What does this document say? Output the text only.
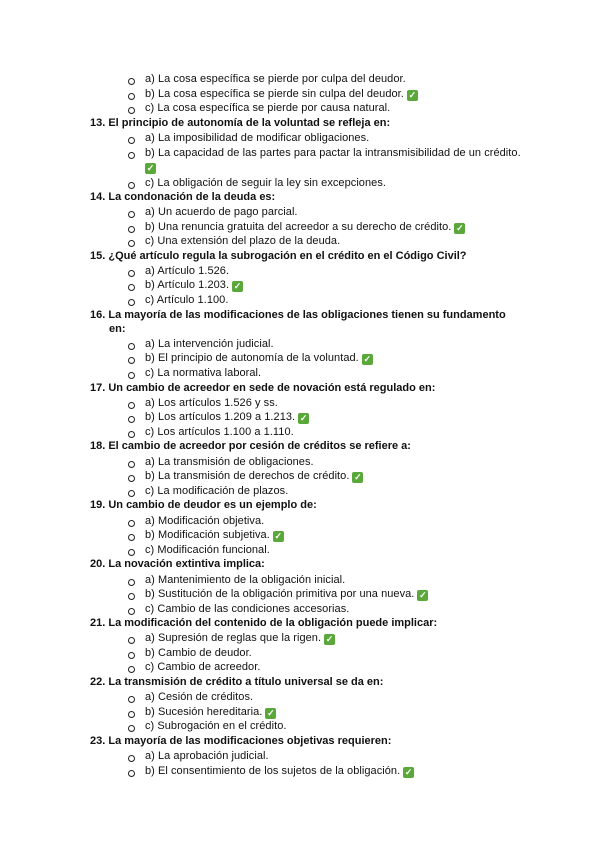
a) La cosa específica se pierde por culpa del deudor.
b) La cosa específica se pierde sin culpa del deudor. ✓
c) La cosa específica se pierde por causa natural.
13. El principio de autonomía de la voluntad se refleja en:
a) La imposibilidad de modificar obligaciones.
b) La capacidad de las partes para pactar la intransmisibilidad de un crédito.
✓
c) La obligación de seguir la ley sin excepciones.
14. La condonación de la deuda es:
a) Un acuerdo de pago parcial.
b) Una renuncia gratuita del acreedor a su derecho de crédito. ✓
c) Una extensión del plazo de la deuda.
15. ¿Qué artículo regula la subrogación en el crédito en el Código Civil?
a) Artículo 1.526.
b) Artículo 1.203. ✓
c) Artículo 1.100.
16. La mayoría de las modificaciones de las obligaciones tienen su fundamento
en:
a) La intervención judicial.
b) El principio de autonomía de la voluntad. ✓
c) La normativa laboral.
17. Un cambio de acreedor en sede de novación está regulado en:
a) Los artículos 1.526 y ss.
b) Los artículos 1.209 a 1.213. ✓
c) Los artículos 1.100 a 1.110.
18. El cambio de acreedor por cesión de créditos se refiere a:
a) La transmisión de obligaciones.
b) La transmisión de derechos de crédito. ✓
c) La modificación de plazos.
19. Un cambio de deudor es un ejemplo de:
a) Modificación objetiva.
b) Modificación subjetiva. ✓
c) Modificación funcional.
20. La novación extintiva implica:
a) Mantenimiento de la obligación inicial.
b) Sustitución de la obligación primitiva por una nueva. ✓
c) Cambio de las condiciones accesorias.
21. La modificación del contenido de la obligación puede implicar:
a) Supresión de reglas que la rigen. ✓
b) Cambio de deudor.
c) Cambio de acreedor.
22. La transmisión de crédito a título universal se da en:
a) Cesión de créditos.
b) Sucesión hereditaria. ✓
c) Subrogación en el crédito.
23. La mayoría de las modificaciones objetivas requieren:
a) La aprobación judicial.
b) El consentimiento de los sujetos de la obligación. ✓
